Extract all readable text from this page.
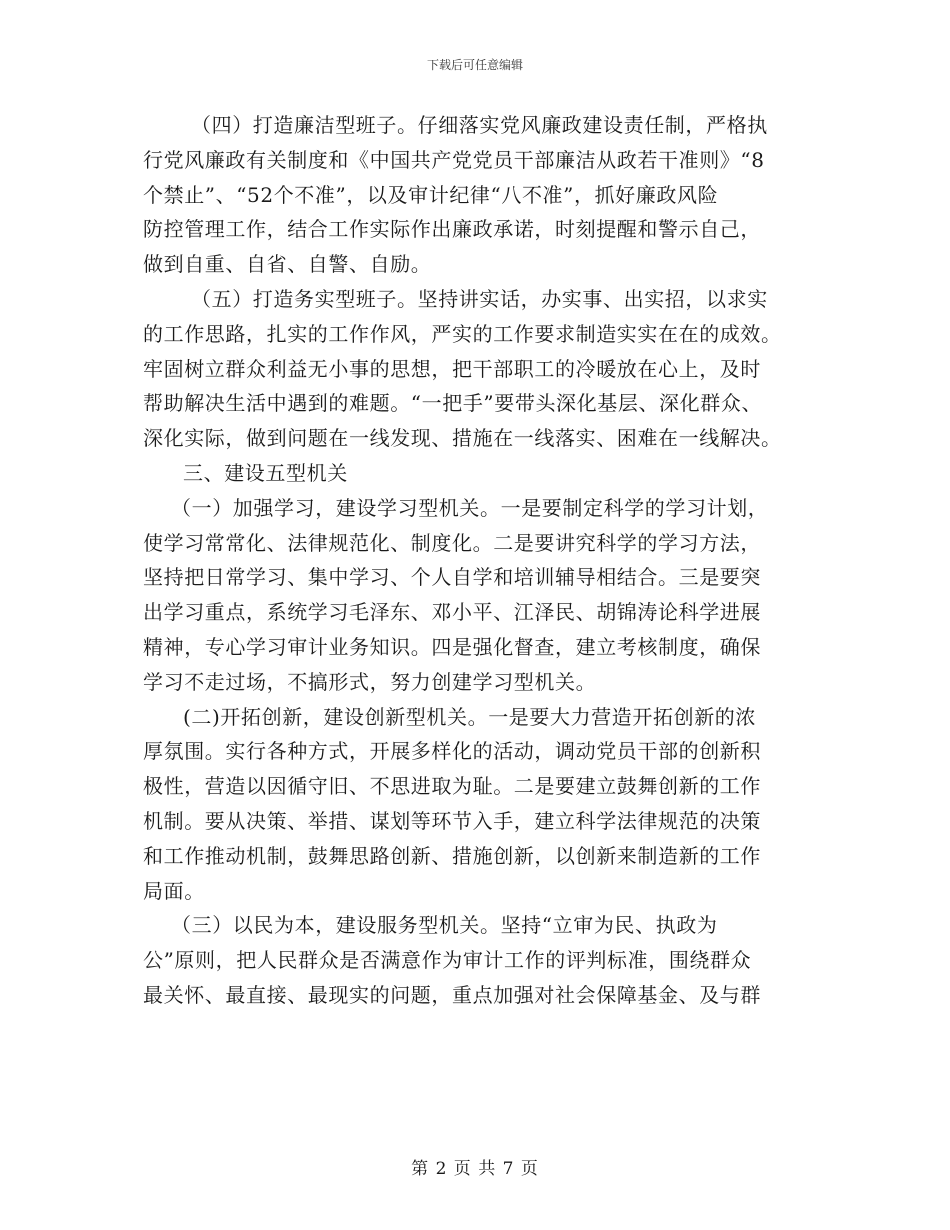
下载后可任意编辑
（四）打造廉洁型班子。仔细落实党风廉政建设责任制，严格执
行党风廉政有关制度和《中国共产党党员干部廉洁从政若干准则》“8
个禁止”、“52个不准”，以及审计纪律“八不准”，抓好廉政风险
防控管理工作，结合工作实际作出廉政承诺，时刻提醒和警示自己，
做到自重、自省、自警、自励。
（五）打造务实型班子。坚持讲实话，办实事、出实招，以求实
的工作思路，扎实的工作作风，严实的工作要求制造实实在在的成效。
牢固树立群众利益无小事的思想，把干部职工的冷暖放在心上，及时
帮助解决生活中遇到的难题。“一把手”要带头深化基层、深化群众、
深化实际，做到问题在一线发现、措施在一线落实、困难在一线解决。
三、建设五型机关
（一）加强学习，建设学习型机关。一是要制定科学的学习计划，
使学习常常化、法律规范化、制度化。二是要讲究科学的学习方法，
坚持把日常学习、集中学习、个人自学和培训辅导相结合。三是要突
出学习重点，系统学习毛泽东、邓小平、江泽民、胡锦涛论科学进展
精神，专心学习审计业务知识。四是强化督查，建立考核制度，确保
学习不走过场，不搞形式，努力创建学习型机关。
(二)开拓创新，建设创新型机关。一是要大力营造开拓创新的浓
厚氛围。实行各种方式，开展多样化的活动，调动党员干部的创新积
极性，营造以因循守旧、不思进取为耻。二是要建立鼓舞创新的工作
机制。要从决策、举措、谋划等环节入手，建立科学法律规范的决策
和工作推动机制，鼓舞思路创新、措施创新，以创新来制造新的工作
局面。
（三）以民为本，建设服务型机关。坚持“立审为民、执政为
公”原则，把人民群众是否满意作为审计工作的评判标准，围绕群众
最关怀、最直接、最现实的问题，重点加强对社会保障基金、及与群
第 2 页 共 7 页
